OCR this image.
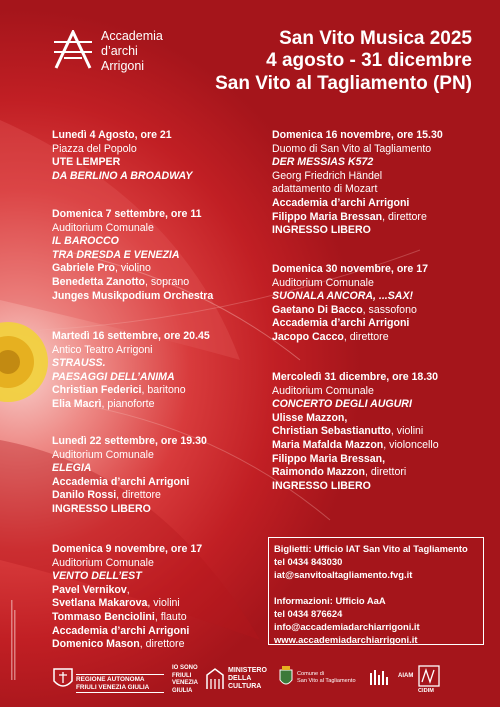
Accademia
d’archi
Arrigoni
San Vito Musica 2025
4 agosto - 31 dicembre
San Vito al Tagliamento (PN)
Biglietti: Ufficio IAT San Vito al Tagliamento
tel 0434 843030
iat@sanvitoaltagliamento.fvg.it
Informazioni: Ufficio AaA
tel 0434 876624
info@accademiadarchiarrigoni.it
www.accademiadarchiarrigoni.it
REGIONE AUTONOMA FRIULI VENEZIA GIULIA
IO SONO
FRIULI
VENEZIA
GIULIA
MINISTERO
DELLA
CULTURA
Comune di
San Vito al Tagliamento
AIAM
CIDIM
Lunedì 4 Agosto, ore 21
Piazza del Popolo
UTE LEMPER
DA BERLINO A BROADWAY
Domenica 7 settembre, ore 11
Auditorium Comunale
IL BAROCCO
TRA DRESDA E VENEZIA
Gabriele Pro, violino
Benedetta Zanotto, soprano
Junges Musikpodium Orchestra
Martedì 16 settembre, ore 20.45
Antico Teatro Arrigoni
STRAUSS.
PAESAGGI DELL’ANIMA
Christian Federici, baritono
Elia Macrì, pianoforte
Lunedì 22 settembre, ore 19.30
Auditorium Comunale
ELEGIA
Accademia d’archi Arrigoni
Danilo Rossi, direttore
INGRESSO LIBERO
Domenica 9 novembre, ore 17
Auditorium Comunale
VENTO DELL’EST
Pavel Vernikov,
Svetlana Makarova, violini
Tommaso Benciolini, flauto
Accademia d’archi Arrigoni
Domenico Mason, direttore
Domenica 16 novembre, ore 15.30
Duomo di San Vito al Tagliamento
DER MESSIAS K572
Georg Friedrich Händel
adattamento di Mozart
Accademia d’archi Arrigoni
Filippo Maria Bressan, direttore
INGRESSO LIBERO
Domenica 30 novembre, ore 17
Auditorium Comunale
SUONALA ANCORA, ...SAX!
Gaetano Di Bacco, sassofono
Accademia d’archi Arrigoni
Jacopo Cacco, direttore
Mercoledì 31 dicembre, ore 18.30
Auditorium Comunale
CONCERTO DEGLI AUGURI
Ulisse Mazzon,
Christian Sebastianutto, violini
Maria Mafalda Mazzon, violoncello
Filippo Maria Bressan,
Raimondo Mazzon, direttori
INGRESSO LIBERO
